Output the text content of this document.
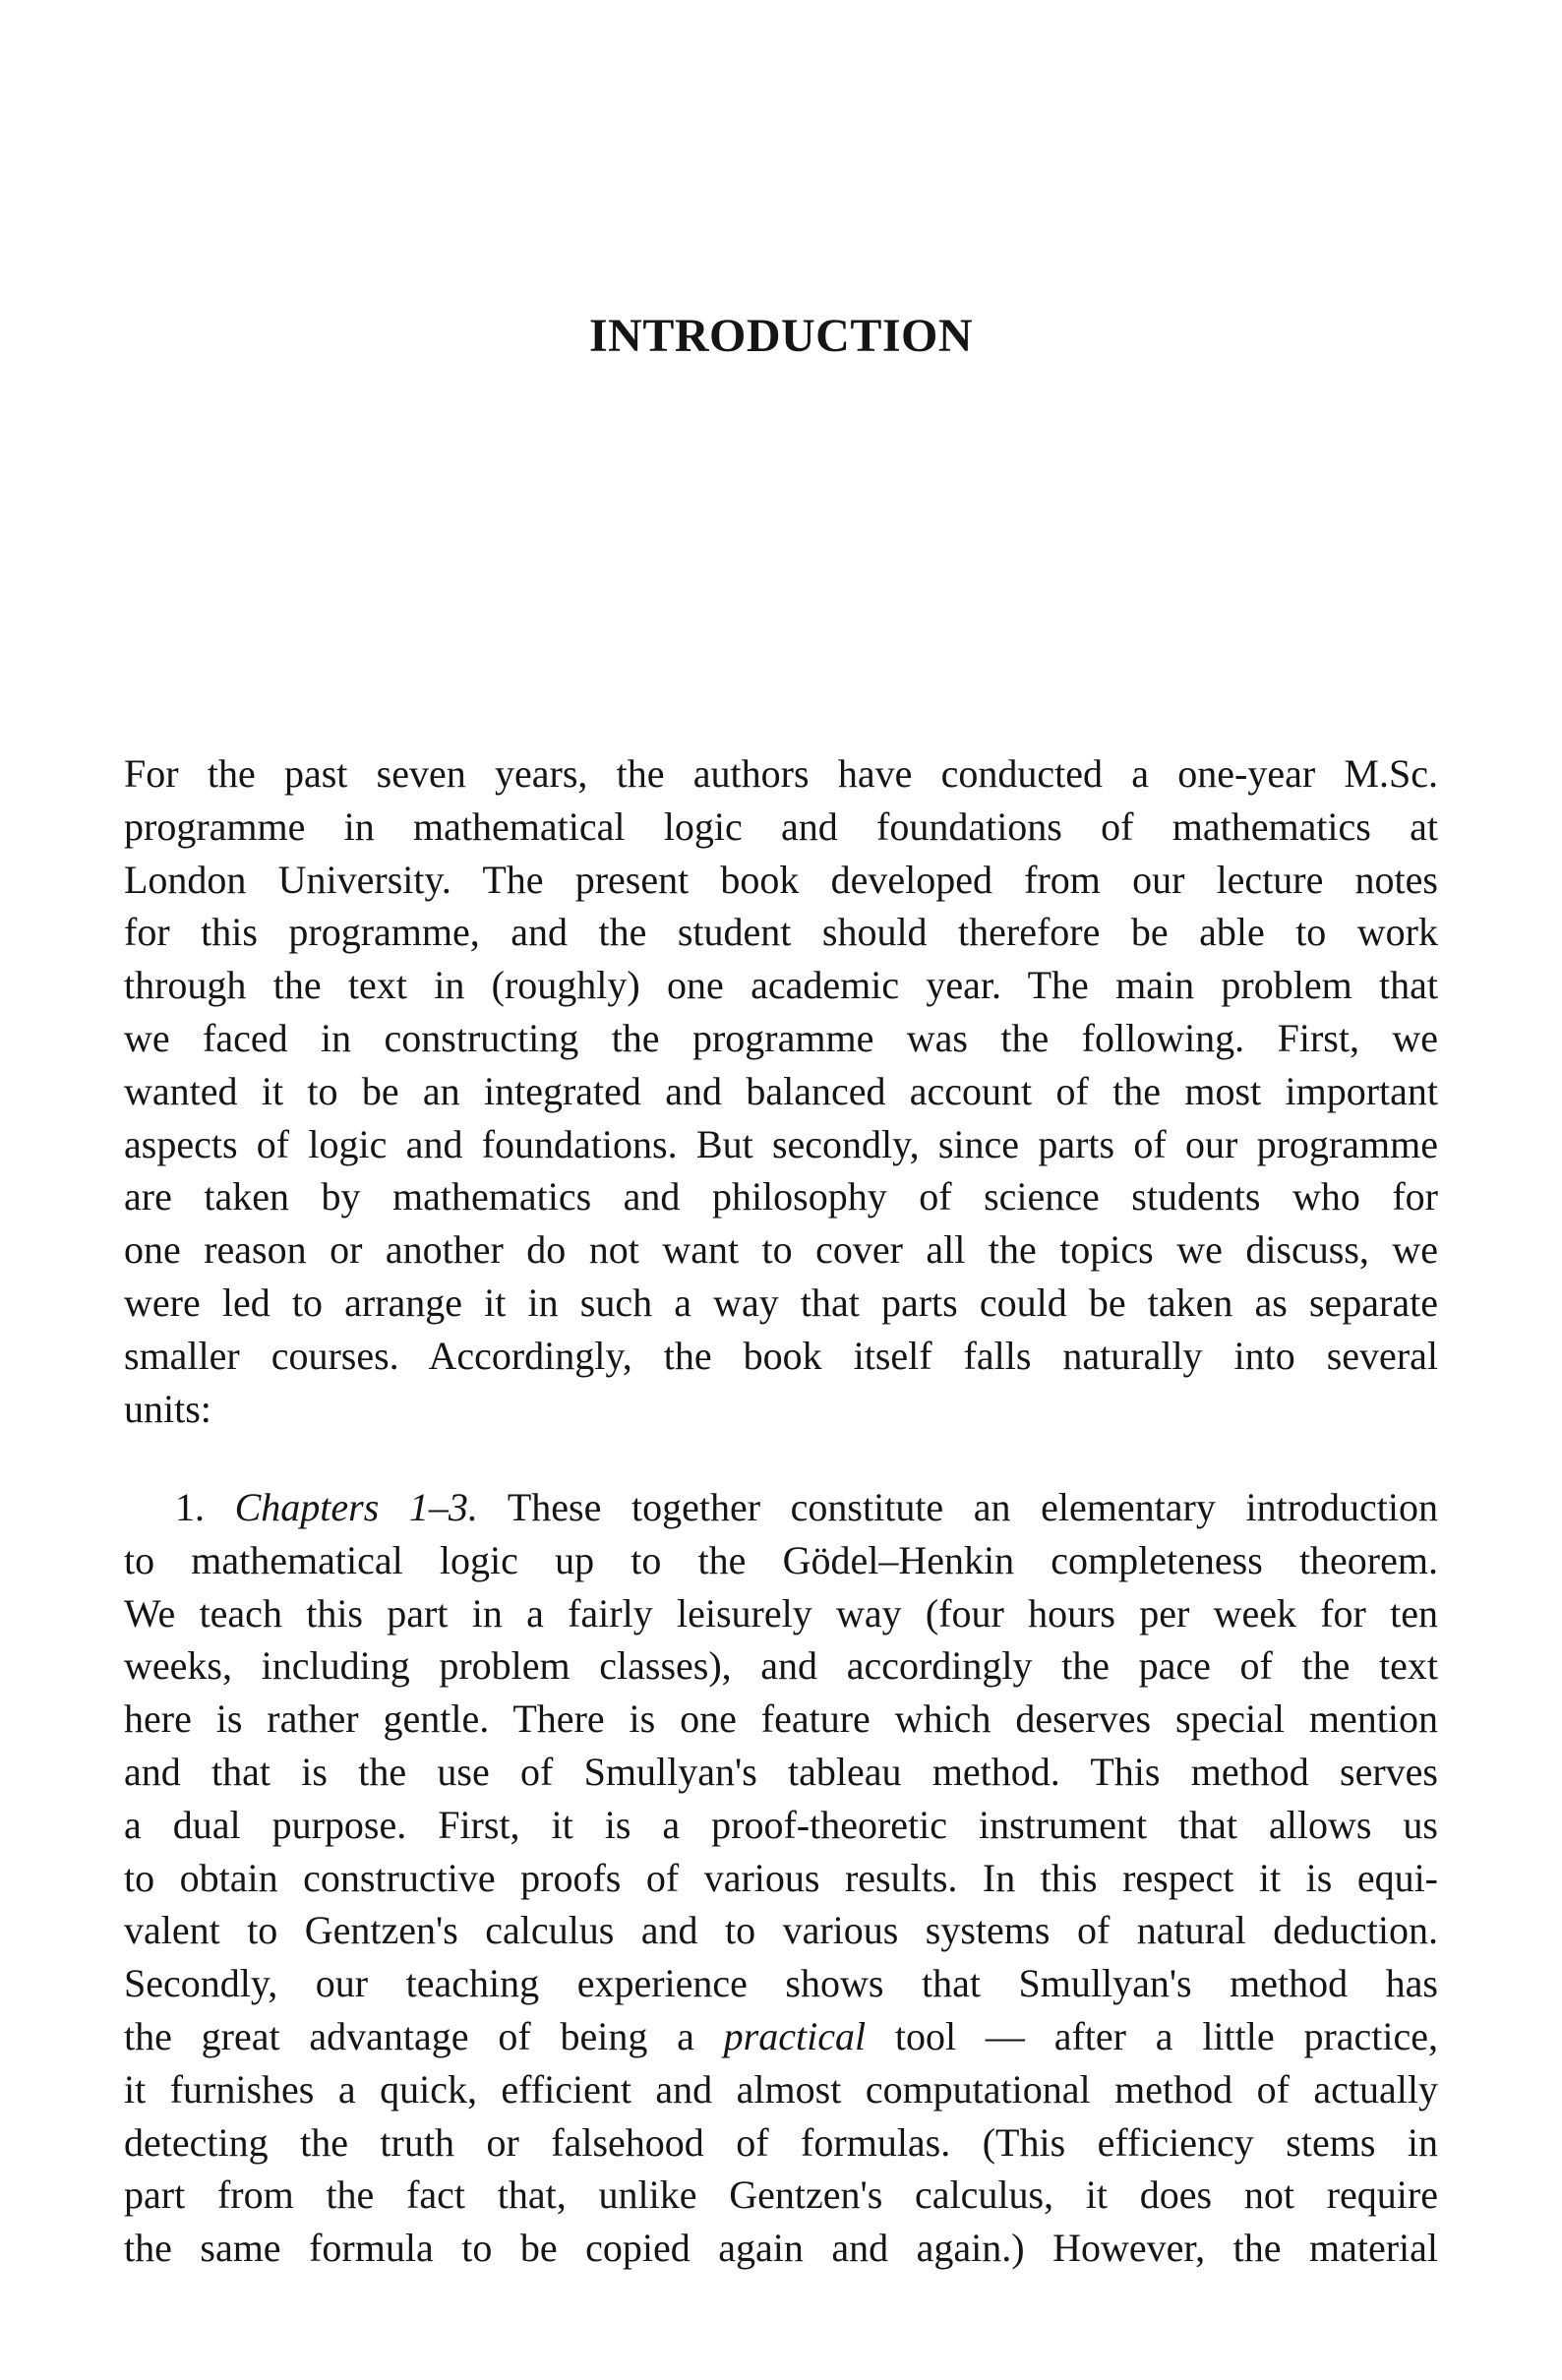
INTRODUCTION
For the past seven years, the authors have conducted a one-year M.Sc.
programme in mathematical logic and foundations of mathematics at
London University. The present book developed from our lecture notes
for this programme, and the student should therefore be able to work
through the text in (roughly) one academic year. The main problem that
we faced in constructing the programme was the following. First, we
wanted it to be an integrated and balanced account of the most important
aspects of logic and foundations. But secondly, since parts of our programme
are taken by mathematics and philosophy of science students who for
one reason or another do not want to cover all the topics we discuss, we
were led to arrange it in such a way that parts could be taken as separate
smaller courses. Accordingly, the book itself falls naturally into several
units:
1. Chapters 1–3. These together constitute an elementary introduction
to mathematical logic up to the Gödel–Henkin completeness theorem.
We teach this part in a fairly leisurely way (four hours per week for ten
weeks, including problem classes), and accordingly the pace of the text
here is rather gentle. There is one feature which deserves special mention
and that is the use of Smullyan's tableau method. This method serves
a dual purpose. First, it is a proof-theoretic instrument that allows us
to obtain constructive proofs of various results. In this respect it is equi-
valent to Gentzen's calculus and to various systems of natural deduction.
Secondly, our teaching experience shows that Smullyan's method has
the great advantage of being a practical tool — after a little practice,
it furnishes a quick, efficient and almost computational method of actually
detecting the truth or falsehood of formulas. (This efficiency stems in
part from the fact that, unlike Gentzen's calculus, it does not require
the same formula to be copied again and again.) However, the material
